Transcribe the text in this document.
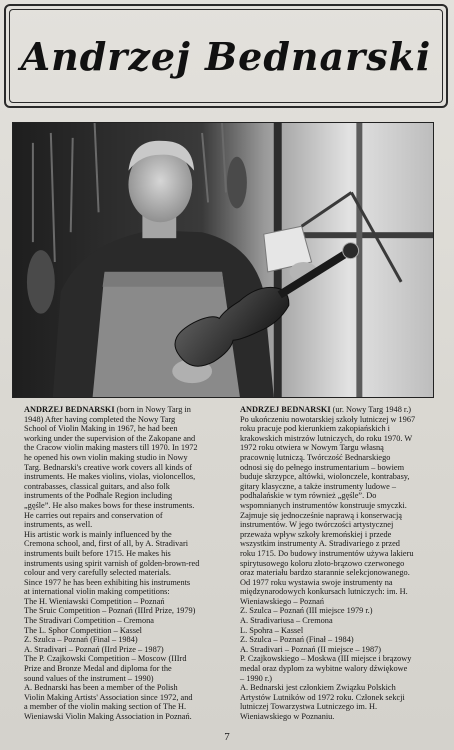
Andrzej Bednarski

ANDRZEJ BEDNARSKI (born in Nowy Targ in

1948) After having completed the Nowy Targ

School of Violin Making in 1967, he had been

working under the supervision of the Zakopane and

the Cracow violin making masters till 1970. In 1972

he opened his own violin making studio in Nowy

Targ. Bednarski's creative work covers all kinds of

instruments. He makes violins, violas, violoncellos,

contrabasses, classical guitars, and also folk

instruments of the Podhale Region including

„gęśle”. He also makes bows for these instruments.

He carries out repairs and conservation of

instruments, as well.

His artistic work is mainly influenced by the

Cremona school, and, first of all, by A. Stradivari

instruments built before 1715. He makes his

instruments using spirit varnish of golden-brown-red

colour and very carefully selected materials.

Since 1977 he has been exhibiting his instruments

at international violin making competitions:

The H. Wieniawski Competition – Poznań

The Sruic Competition – Poznań (IIIrd Prize, 1979)

The Stradivari Competition – Cremona

The L. Sphor Competition – Kassel

Z. Szulca – Poznań (Final – 1984)

A. Stradivari – Poznań (IIrd Prize – 1987)

The P. Czajkowski Competition – Moscow (IIIrd

Prize and Bronze Medal and diploma for the

sound values of the instrument – 1990)

A. Bednarski has been a member of the Polish

Violin Making Artists' Association since 1972, and

a member of the violin making section of The H.

Wieniawski Violin Making Association in Poznań.

ANDRZEJ BEDNARSKI (ur. Nowy Targ 1948 r.)

Po ukończeniu nowotarskiej szkoły lutniczej w 1967

roku pracuje pod kierunkiem zakopiańskich i

krakowskich mistrzów lutniczych, do roku 1970. W

1972 roku otwiera w Nowym Targu własną

pracownię lutniczą. Twórczość Bednarskiego

odnosi się do pełnego instrumentarium – bowiem

buduje skrzypce, altówki, wiolonczele, kontrabasy,

gitary klasyczne, a także instrumenty ludowe –

podhalańskie w tym również „gęśle”. Do

wspomnianych instrumentów konstruuje smyczki.

Zajmuje się jednocześnie naprawą i konserwacją

instrumentów. W jego twórczości artystycznej

przeważa wpływ szkoły kremońskiej i przede

wszystkim instrumenty A. Stradivariego z przed

roku 1715. Do budowy instrumentów używa lakieru

spirytusowego koloru złoto-brązowo czerwonego

oraz materiału bardzo starannie selekcjonowanego.

Od 1977 roku wystawia swoje instrumenty na

międzynarodowych konkursach lutniczych: im. H.

Wieniawskiego – Poznań

Z. Szulca – Poznań (III miejsce 1979 r.)

A. Stradivariusa – Cremona

L. Spohra – Kassel

Z. Szulca – Poznań (Finał – 1984)

A. Stradivari – Poznań (II miejsce – 1987)

P. Czajkowskiego – Moskwa (III miejsce i brązowy

medal oraz dyplom za wybitne walory dźwiękowe

– 1990 r.)

A. Bednarski jest członkiem Związku Polskich

Artystów Lutników od 1972 roku. Członek sekcji

lutniczej Towarzystwa Lutniczego im. H.

Wieniawskiego w Poznaniu.

7
